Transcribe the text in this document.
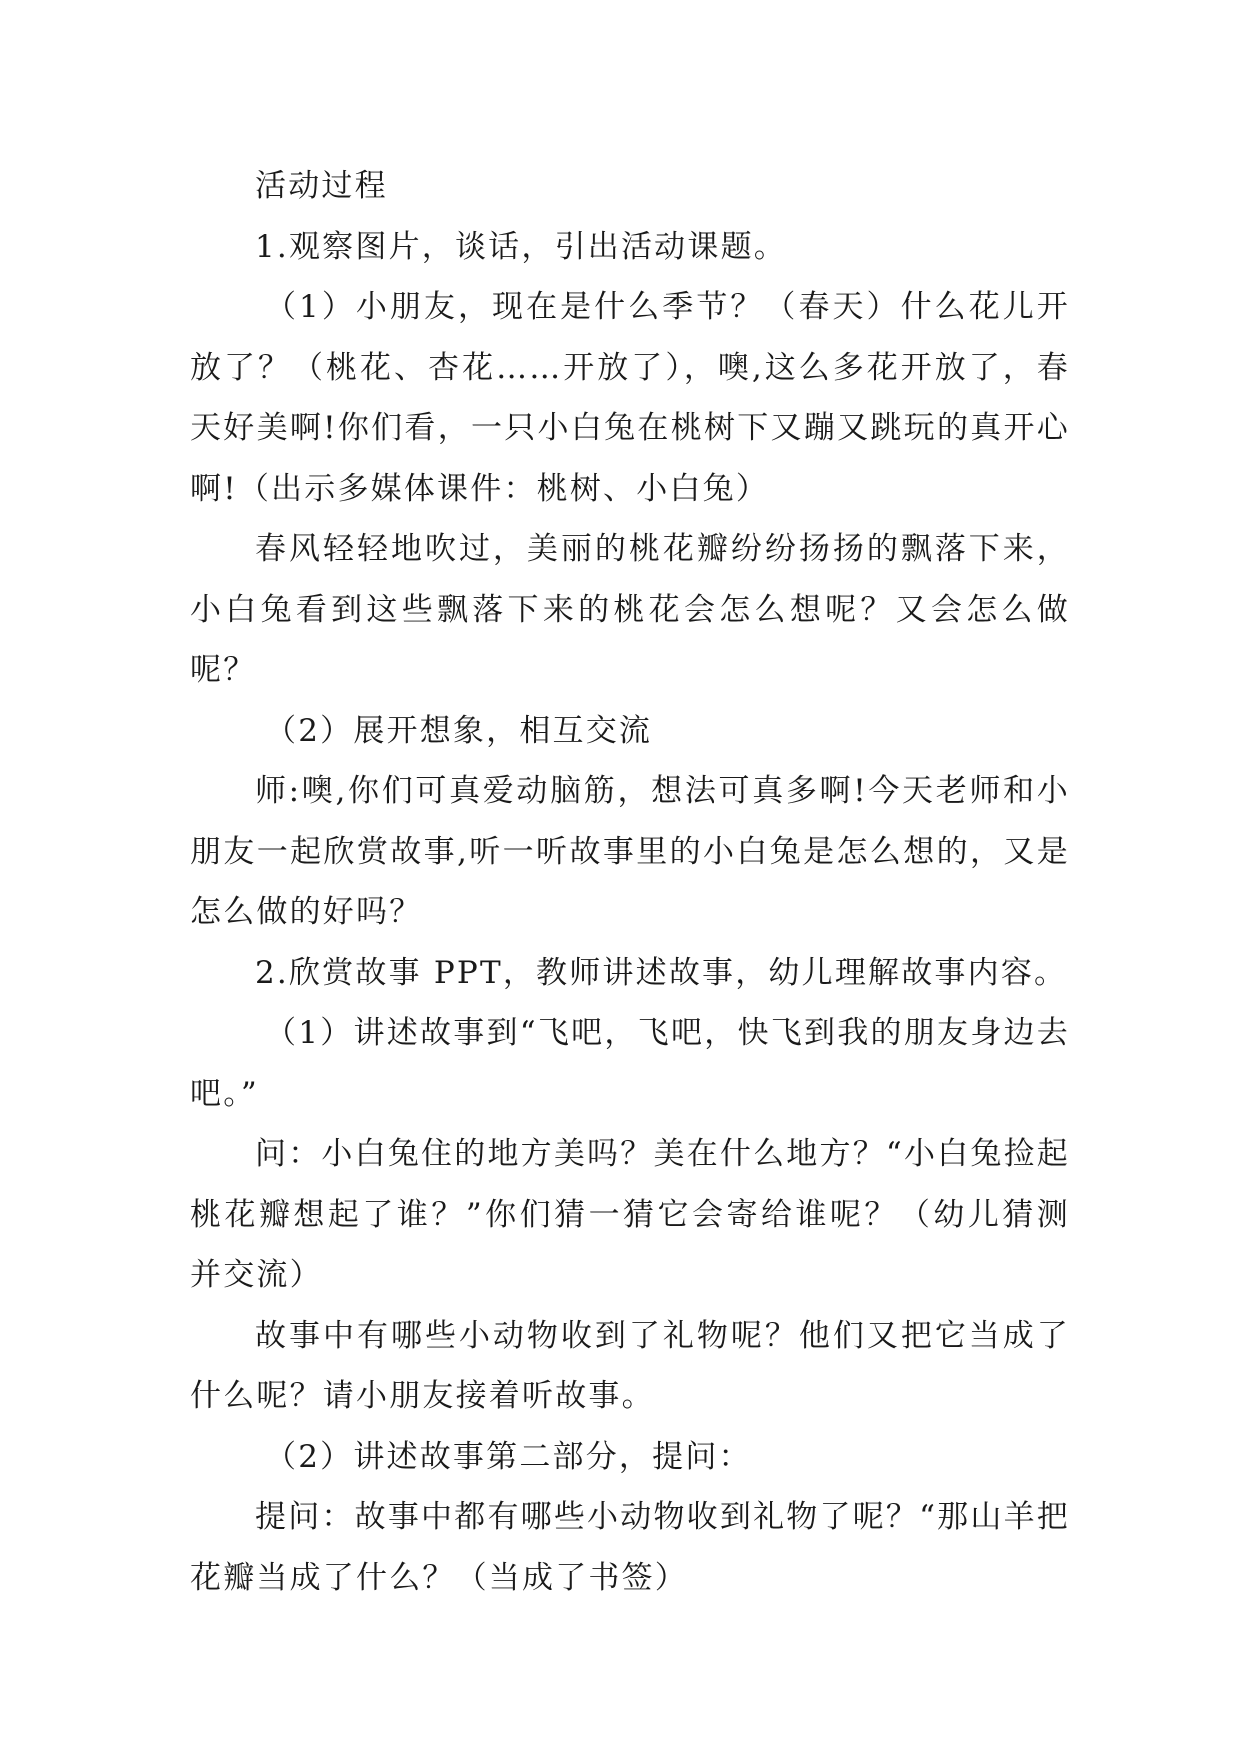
活动过程

1.观察图片，谈话，引出活动课题。

（1）小朋友，现在是什么季节？（春天）什么花儿开放了？（桃花、杏花……开放了），噢,这么多花开放了，春天好美啊!你们看，一只小白兔在桃树下又蹦又跳玩的真开心啊!（出示多媒体课件：桃树、小白兔）

春风轻轻地吹过，美丽的桃花瓣纷纷扬扬的飘落下来，小白兔看到这些飘落下来的桃花会怎么想呢？又会怎么做呢？

（2）展开想象，相互交流

师:噢,你们可真爱动脑筋，想法可真多啊!今天老师和小朋友一起欣赏故事,听一听故事里的小白兔是怎么想的，又是怎么做的好吗？

2.欣赏故事 PPT，教师讲述故事，幼儿理解故事内容。

（1）讲述故事到“飞吧，飞吧，快飞到我的朋友身边去吧。”

问：小白兔住的地方美吗？美在什么地方？“小白兔捡起桃花瓣想起了谁？”你们猜一猜它会寄给谁呢？（幼儿猜测并交流）

故事中有哪些小动物收到了礼物呢？他们又把它当成了什么呢？请小朋友接着听故事。

（2）讲述故事第二部分，提问：

提问：故事中都有哪些小动物收到礼物了呢？“那山羊把花瓣当成了什么？（当成了书签）
